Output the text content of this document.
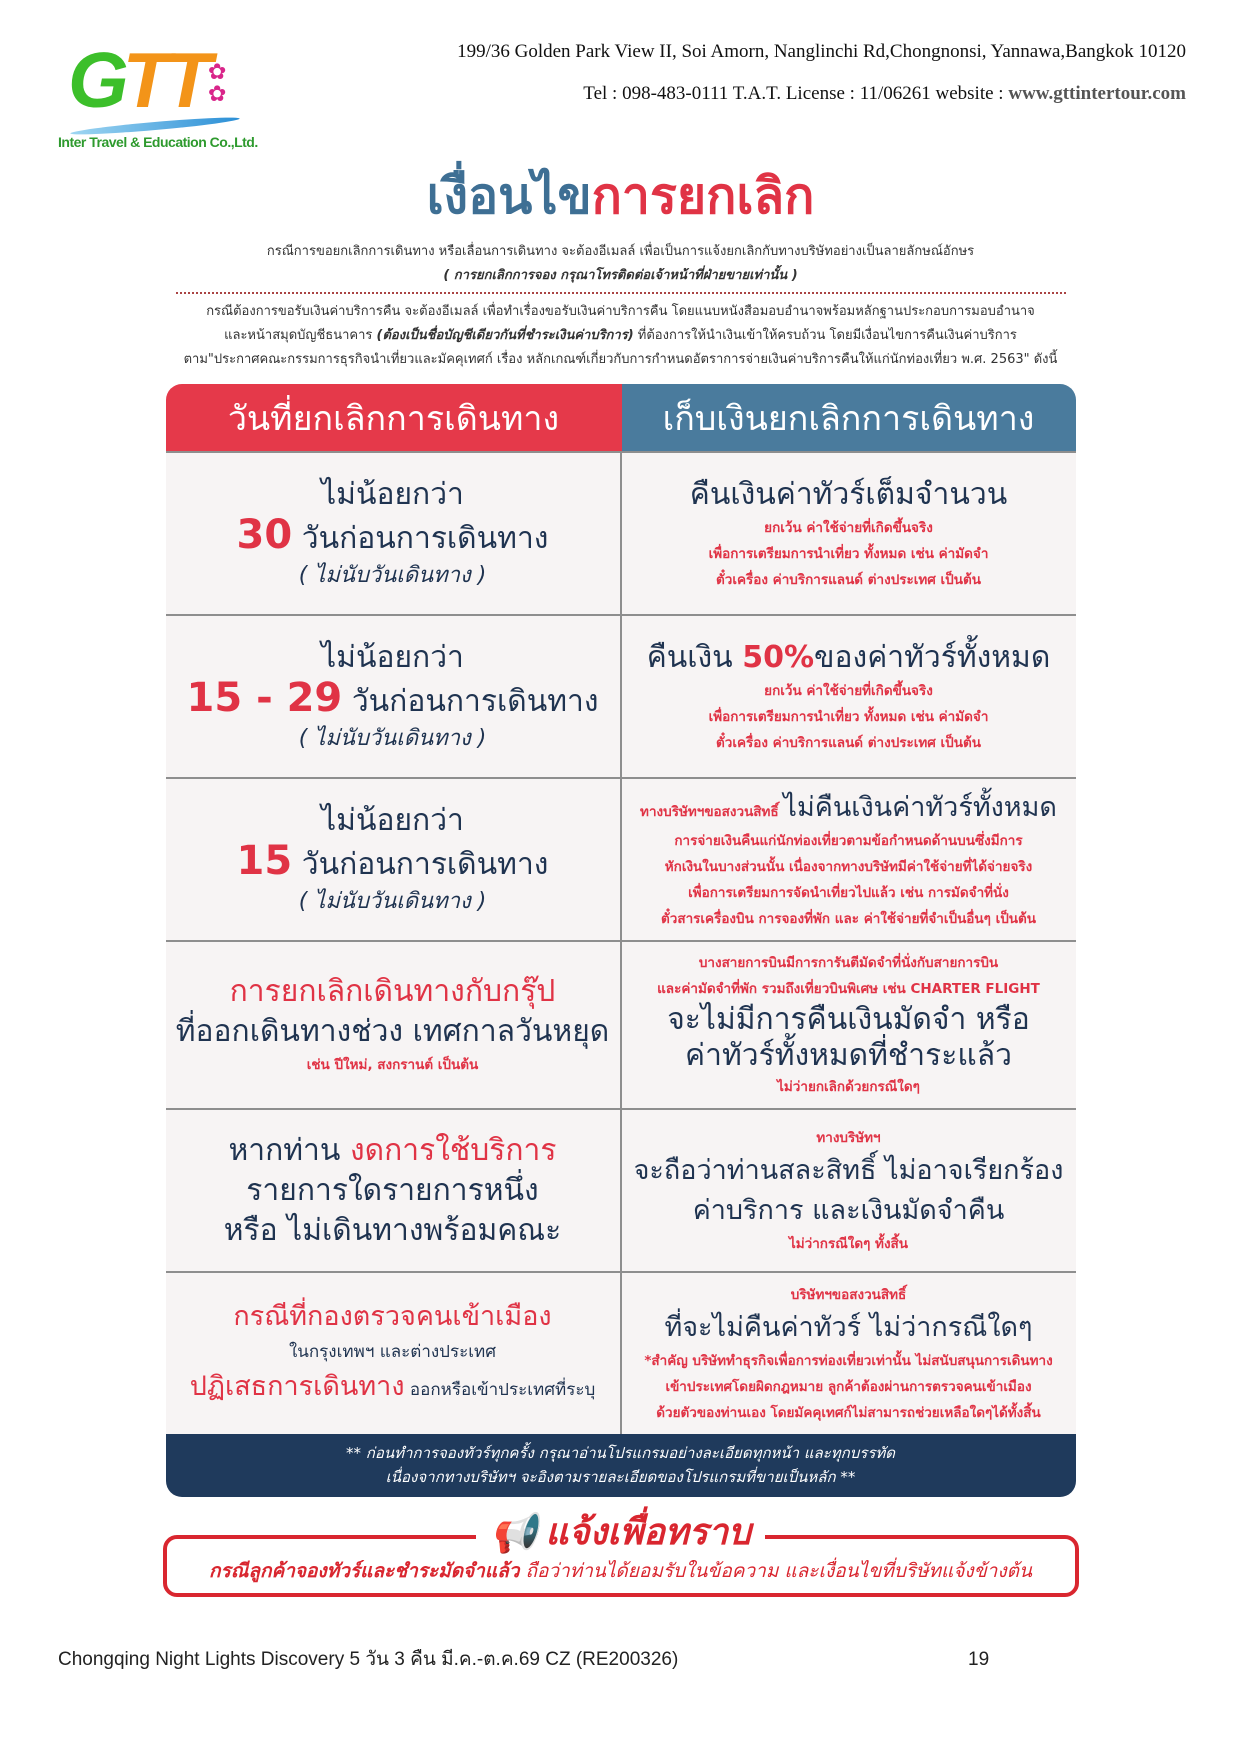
GTT ✿
✿
Inter Travel & Education Co.,Ltd.
199/36 Golden Park View II, Soi Amorn, Nanglinchi Rd,Chongnonsi, Yannawa,Bangkok 10120
Tel : 098-483-0111 T.A.T. License : 11/06261 website : www.gttintertour.com
เงื่อนไขการยกเลิก
กรณีการขอยกเลิกการเดินทาง หรือเลื่อนการเดินทาง จะต้องอีเมลล์ เพื่อเป็นการแจ้งยกเลิกกับทางบริษัทอย่างเป็นลายลักษณ์อักษร
( การยกเลิกการจอง กรุณาโทรติดต่อเจ้าหน้าที่ฝ่ายขายเท่านั้น )
กรณีต้องการขอรับเงินค่าบริการคืน จะต้องอีเมลล์ เพื่อทำเรื่องขอรับเงินค่าบริการคืน โดยแนบหนังสือมอบอำนาจพร้อมหลักฐานประกอบการมอบอำนาจ
และหน้าสมุดบัญชีธนาคาร (ต้องเป็นชื่อบัญชีเดียวกันที่ชำระเงินค่าบริการ) ที่ต้องการให้นำเงินเข้าให้ครบถ้วน โดยมีเงื่อนไขการคืนเงินค่าบริการ
ตาม"ประกาศคณะกรรมการธุรกิจนำเที่ยวและมัคคุเทศก์ เรื่อง หลักเกณฑ์เกี่ยวกับการกำหนดอัตราการจ่ายเงินค่าบริการคืนให้แก่นักท่องเที่ยว พ.ศ. 2563" ดังนี้
วันที่ยกเลิกการเดินทาง	เก็บเงินยกเลิกการเดินทาง
ไม่น้อยกว่า
30 วันก่อนการเดินทาง
( ไม่นับวันเดินทาง )
คืนเงินค่าทัวร์เต็มจำนวน
ยกเว้น ค่าใช้จ่ายที่เกิดขึ้นจริง
เพื่อการเตรียมการนำเที่ยว ทั้งหมด เช่น ค่ามัดจำ
ตั๋วเครื่อง ค่าบริการแลนด์ ต่างประเทศ เป็นต้น
ไม่น้อยกว่า
15 - 29 วันก่อนการเดินทาง
( ไม่นับวันเดินทาง )
คืนเงิน 50%ของค่าทัวร์ทั้งหมด
ยกเว้น ค่าใช้จ่ายที่เกิดขึ้นจริง
เพื่อการเตรียมการนำเที่ยว ทั้งหมด เช่น ค่ามัดจำ
ตั๋วเครื่อง ค่าบริการแลนด์ ต่างประเทศ เป็นต้น
ไม่น้อยกว่า
15 วันก่อนการเดินทาง
( ไม่นับวันเดินทาง )
ทางบริษัทฯขอสงวนสิทธิ์ ไม่คืนเงินค่าทัวร์ทั้งหมด
การจ่ายเงินคืนแก่นักท่องเที่ยวตามข้อกำหนดด้านบนซึ่งมีการ
หักเงินในบางส่วนนั้น เนื่องจากทางบริษัทมีค่าใช้จ่ายที่ได้จ่ายจริง
เพื่อการเตรียมการจัดนำเที่ยวไปแล้ว เช่น การมัดจำที่นั่ง
ตั๋วสารเครื่องบิน การจองที่พัก และ ค่าใช้จ่ายที่จำเป็นอื่นๆ เป็นต้น
การยกเลิกเดินทางกับกรุ๊ป
ที่ออกเดินทางช่วง เทศกาลวันหยุด
เช่น ปีใหม่, สงกรานต์ เป็นต้น
บางสายการบินมีการการันตีมัดจำที่นั่งกับสายการบิน
และค่ามัดจำที่พัก รวมถึงเที่ยวบินพิเศษ เช่น CHARTER FLIGHT
จะไม่มีการคืนเงินมัดจำ หรือ
ค่าทัวร์ทั้งหมดที่ชำระแล้ว
ไม่ว่ายกเลิกด้วยกรณีใดๆ
หากท่าน งดการใช้บริการ
รายการใดรายการหนึ่ง
หรือ ไม่เดินทางพร้อมคณะ
ทางบริษัทฯ
จะถือว่าท่านสละสิทธิ์ ไม่อาจเรียกร้อง
ค่าบริการ และเงินมัดจำคืน
ไม่ว่ากรณีใดๆ ทั้งสิ้น
กรณีที่กองตรวจคนเข้าเมือง
ในกรุงเทพฯ และต่างประเทศ
ปฏิเสธการเดินทาง ออกหรือเข้าประเทศที่ระบุ
บริษัทฯขอสงวนสิทธิ์
ที่จะไม่คืนค่าทัวร์ ไม่ว่ากรณีใดๆ
*สำคัญ บริษัททำธุรกิจเพื่อการท่องเที่ยวเท่านั้น ไม่สนับสนุนการเดินทาง
เข้าประเทศโดยผิดกฎหมาย ลูกค้าต้องผ่านการตรวจคนเข้าเมือง
ด้วยตัวของท่านเอง โดยมัคคุเทศก์ไม่สามารถช่วยเหลือใดๆได้ทั้งสิ้น
** ก่อนทำการจองทัวร์ทุกครั้ง กรุณาอ่านโปรแกรมอย่างละเอียดทุกหน้า และทุกบรรทัด
เนื่องจากทางบริษัทฯ จะอิงตามรายละเอียดของโปรแกรมที่ขายเป็นหลัก **
📢 แจ้งเพื่อทราบ
กรณีลูกค้าจองทัวร์และชำระมัดจำแล้ว ถือว่าท่านได้ยอมรับในข้อความ และเงื่อนไขที่บริษัทแจ้งข้างต้น
Chongqing Night Lights Discovery 5 วัน 3 คืน มี.ค.-ต.ค.69 CZ (RE200326)	19
